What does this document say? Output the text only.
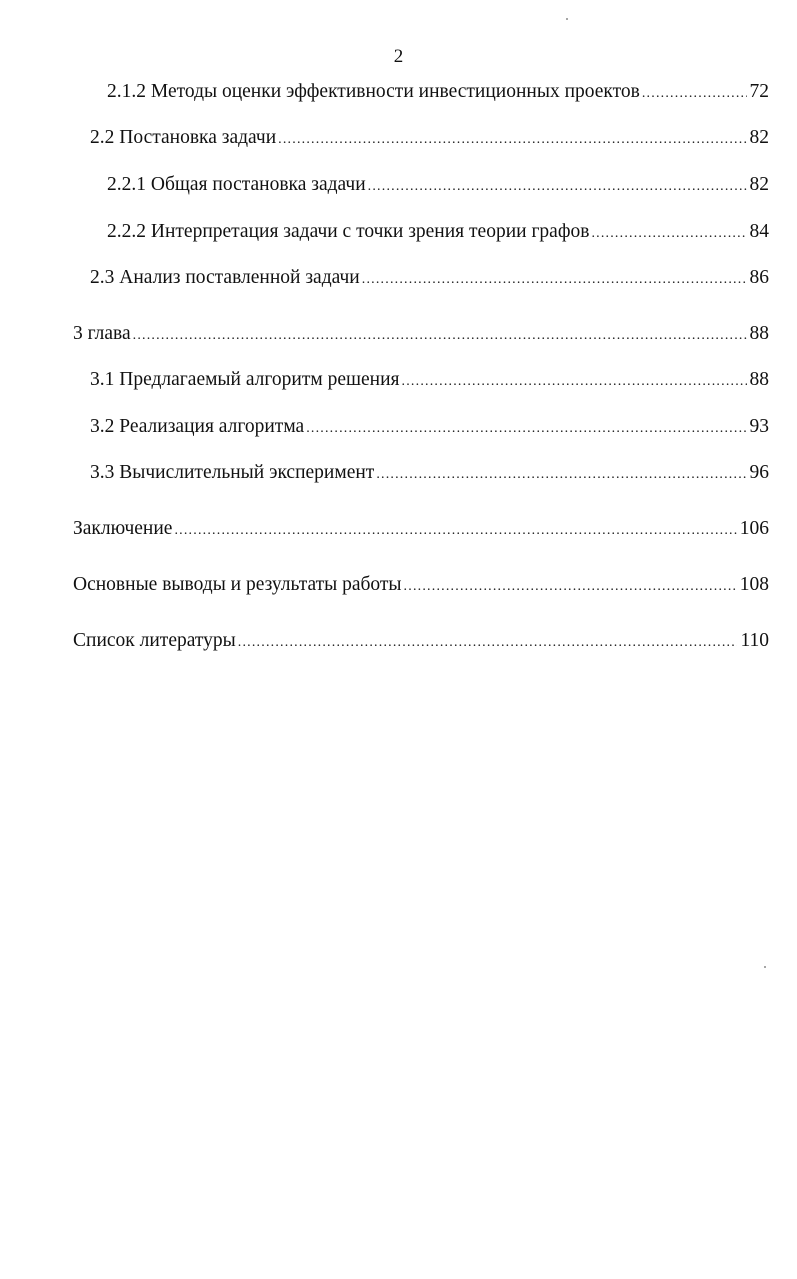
2
2.1.2 Методы оценки эффективности инвестиционных проектов .....	72
2.2 Постановка задачи .....	82
2.2.1 Общая постановка задачи .....	82
2.2.2 Интерпретация задачи с точки зрения теории графов .....	84
2.3 Анализ поставленной задачи .....	86
3 глава .....	88
3.1 Предлагаемый алгоритм решения .....	88
3.2 Реализация алгоритма .....	93
3.3 Вычислительный эксперимент .....	96
Заключение .....	106
Основные выводы и результаты работы .....	108
Список литературы .....	110
